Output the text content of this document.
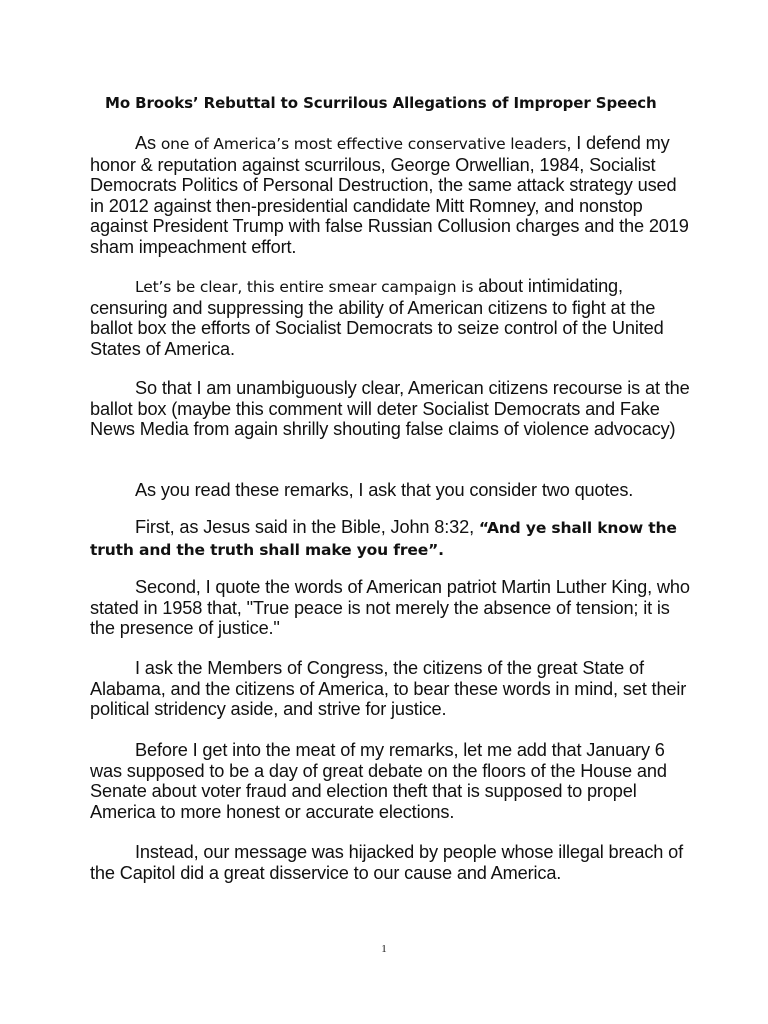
Mo Brooks’ Rebuttal to Scurrilous Allegations of Improper Speech

As one of America’s most effective conservative leaders, I defend my honor & reputation against scurrilous, George Orwellian, 1984, Socialist Democrats Politics of Personal Destruction, the same attack strategy used in 2012 against then-presidential candidate Mitt Romney, and nonstop against President Trump with false Russian Collusion charges and the 2019 sham impeachment effort.

Let’s be clear, this entire smear campaign is about intimidating, censuring and suppressing the ability of American citizens to fight at the ballot box the efforts of Socialist Democrats to seize control of the United States of America.

So that I am unambiguously clear, American citizens recourse is at the ballot box (maybe this comment will deter Socialist Democrats and Fake News Media from again shrilly shouting false claims of violence advocacy)

As you read these remarks, I ask that you consider two quotes.

First, as Jesus said in the Bible, John 8:32, “And ye shall know the truth and the truth shall make you free”.

Second, I quote the words of American patriot Martin Luther King, who stated in 1958 that, "True peace is not merely the absence of tension; it is the presence of justice."

I ask the Members of Congress, the citizens of the great State of Alabama, and the citizens of America, to bear these words in mind, set their political stridency aside, and strive for justice.

Before I get into the meat of my remarks, let me add that January 6 was supposed to be a day of great debate on the floors of the House and Senate about voter fraud and election theft that is supposed to propel America to more honest or accurate elections.

Instead, our message was hijacked by people whose illegal breach of the Capitol did a great disservice to our cause and America.

1
